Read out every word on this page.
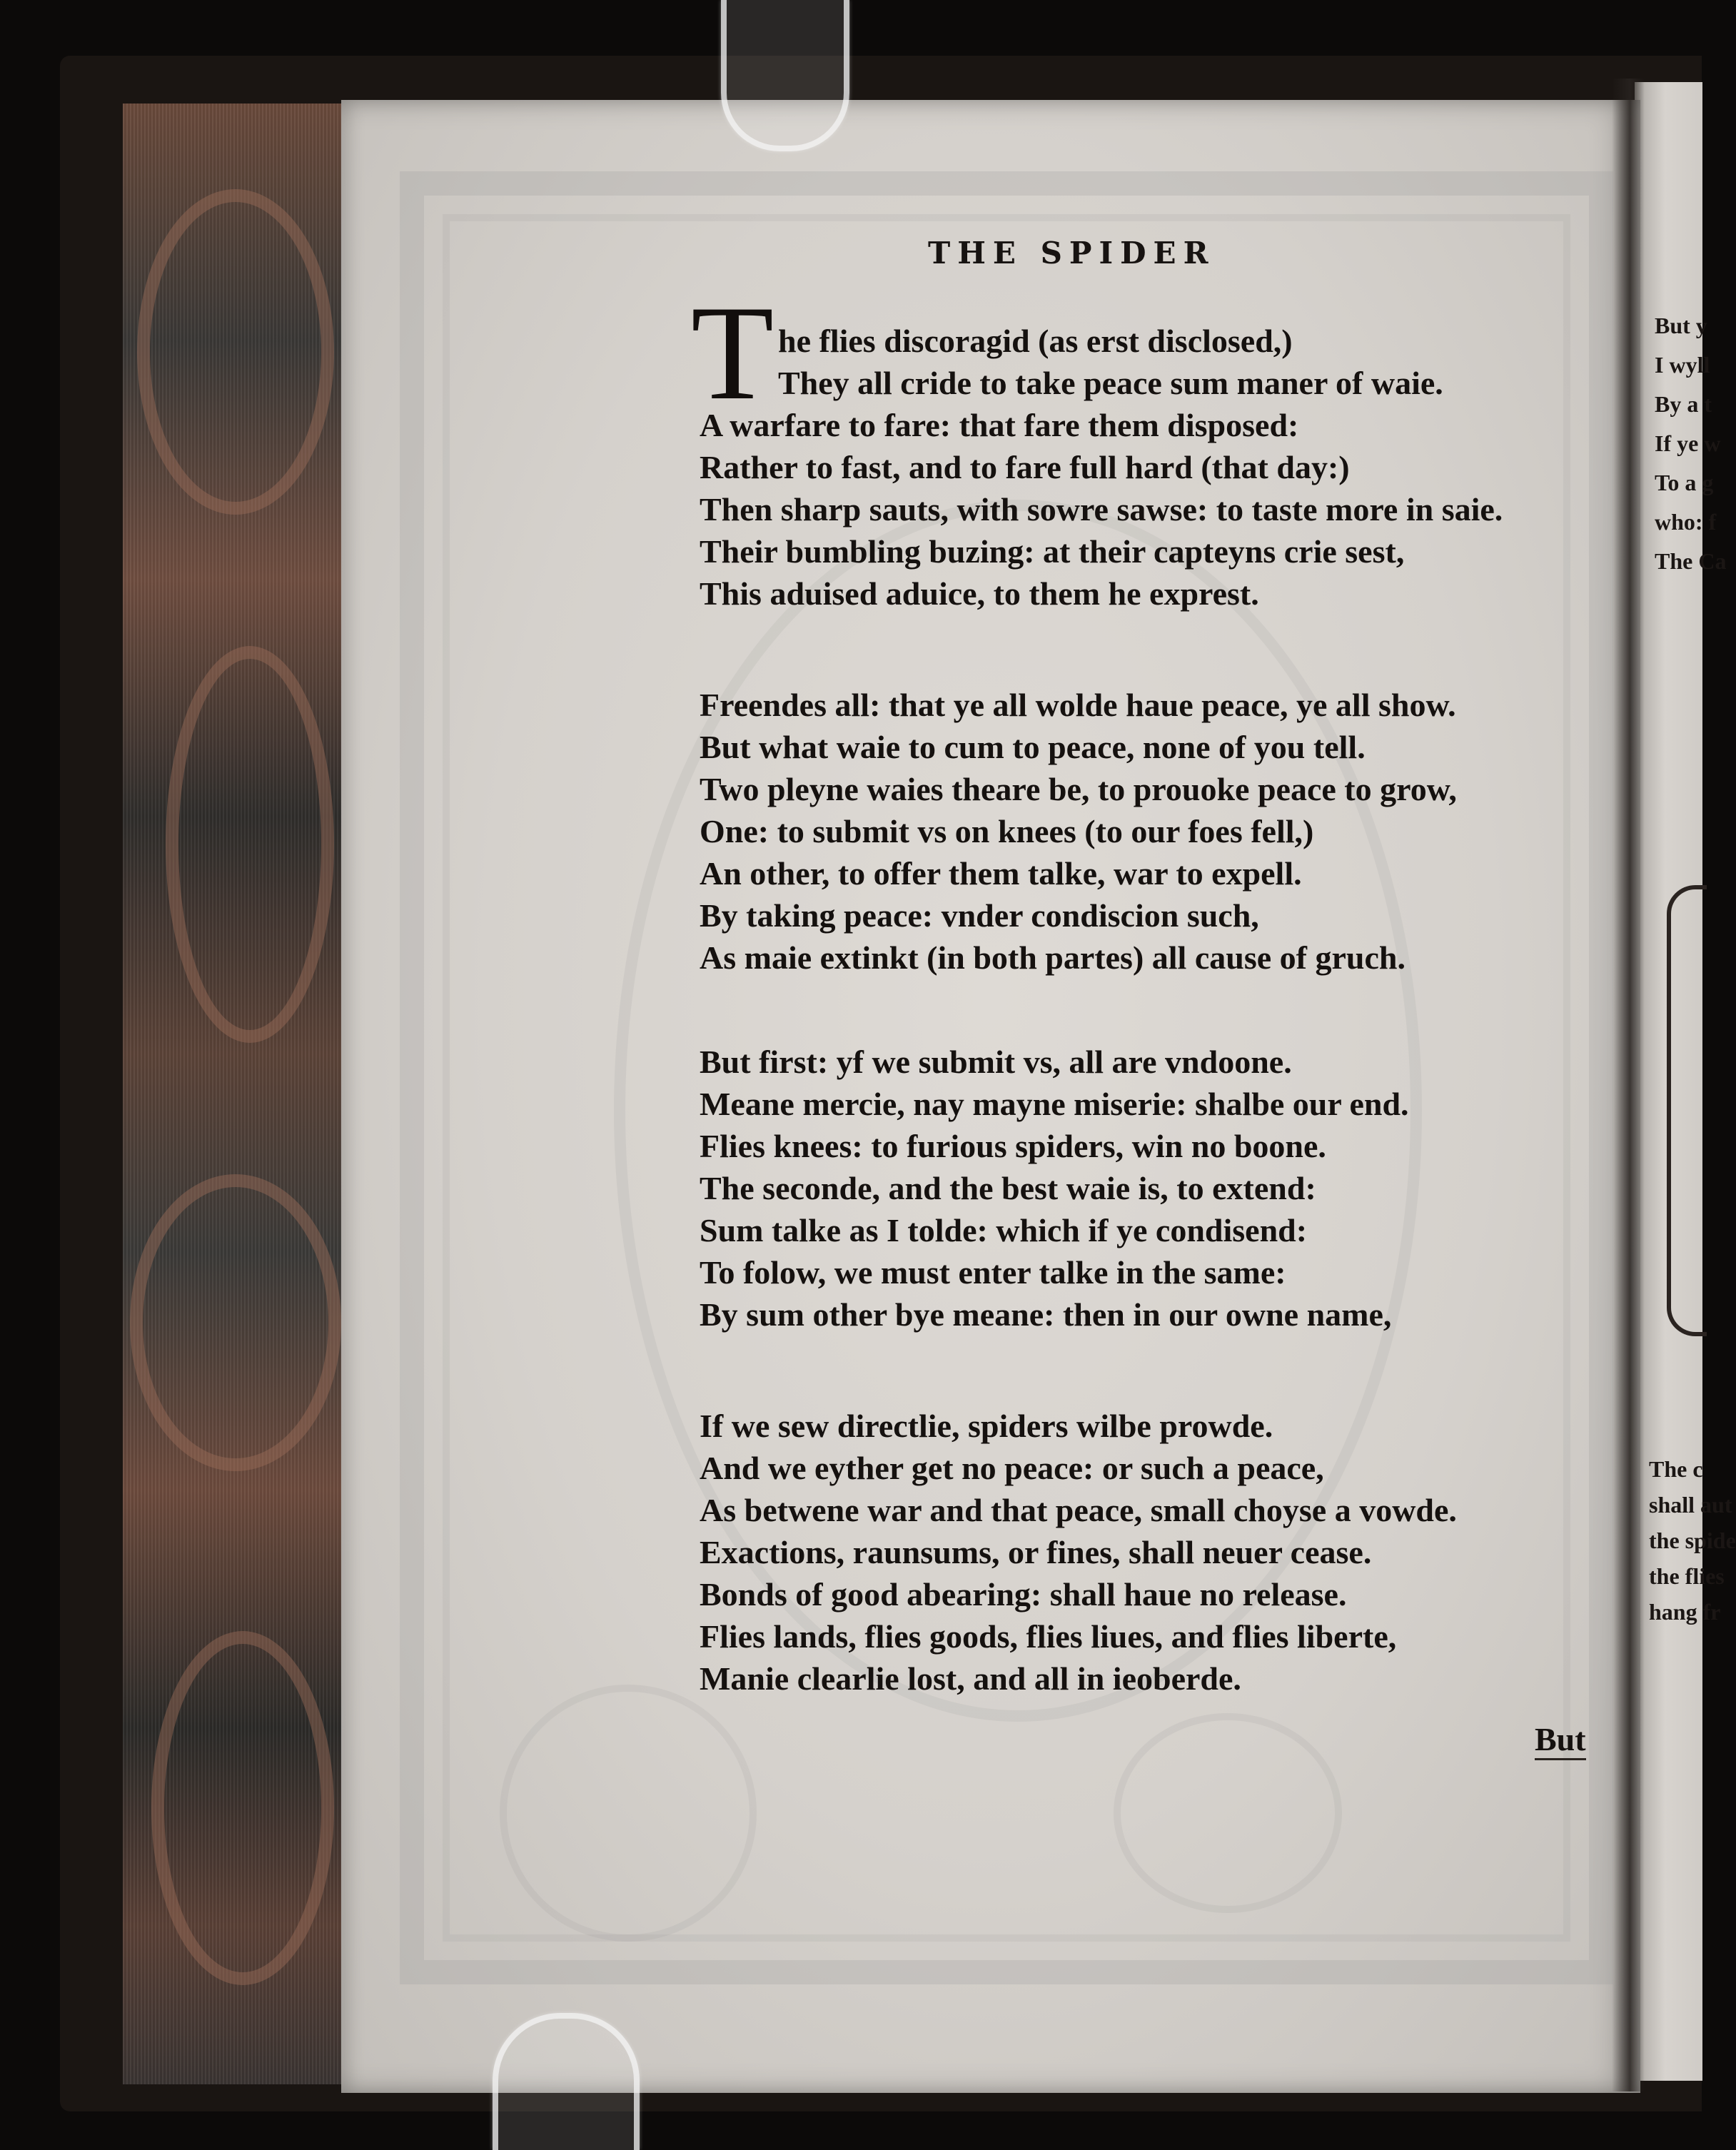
THE SPIDER
T he flies discoragid (as erst disclosed,)
They all cride to take peace sum maner of waie.
A warfare to fare: that fare them disposed:
Rather to fast, and to fare full hard (that day:)
Then sharp sauts, with sowre sawse: to taste more in saie.
Their bumbling buzing: at their capteyns crie sest,
This aduised aduice, to them he exprest.
Freendes all: that ye all wolde haue peace, ye all show.
But what waie to cum to peace, none of you tell.
Two pleyne waies theare be, to prouoke peace to grow,
One: to submit vs on knees (to our foes fell,)
An other, to offer them talke, war to expell.
By taking peace: vnder condiscion such,
As maie extinkt (in both partes) all cause of gruch.
But first: yf we submit vs, all are vndoone.
Meane mercie, nay mayne miserie: shalbe our end.
Flies knees: to furious spiders, win no boone.
The seconde, and the best waie is, to extend:
Sum talke as I tolde: which if ye condisend:
To folow, we must enter talke in the same:
By sum other bye meane: then in our owne name,
If we sew directlie, spiders wilbe prowde.
And we eyther get no peace: or such a peace,
As betwene war and that peace, small choyse a vowde.
Exactions, raunsums, or fines, shall neuer cease.
Bonds of good abearing: shall haue no release.
Flies lands, flies goods, flies liues, and flies liberte,
Manie clearlie lost, and all in ieoberde.
But
But y
I wyll
By a t
If ye w
To a g
who: f
The Ca
The c
shall aut
the spide
the flies
hang fr
